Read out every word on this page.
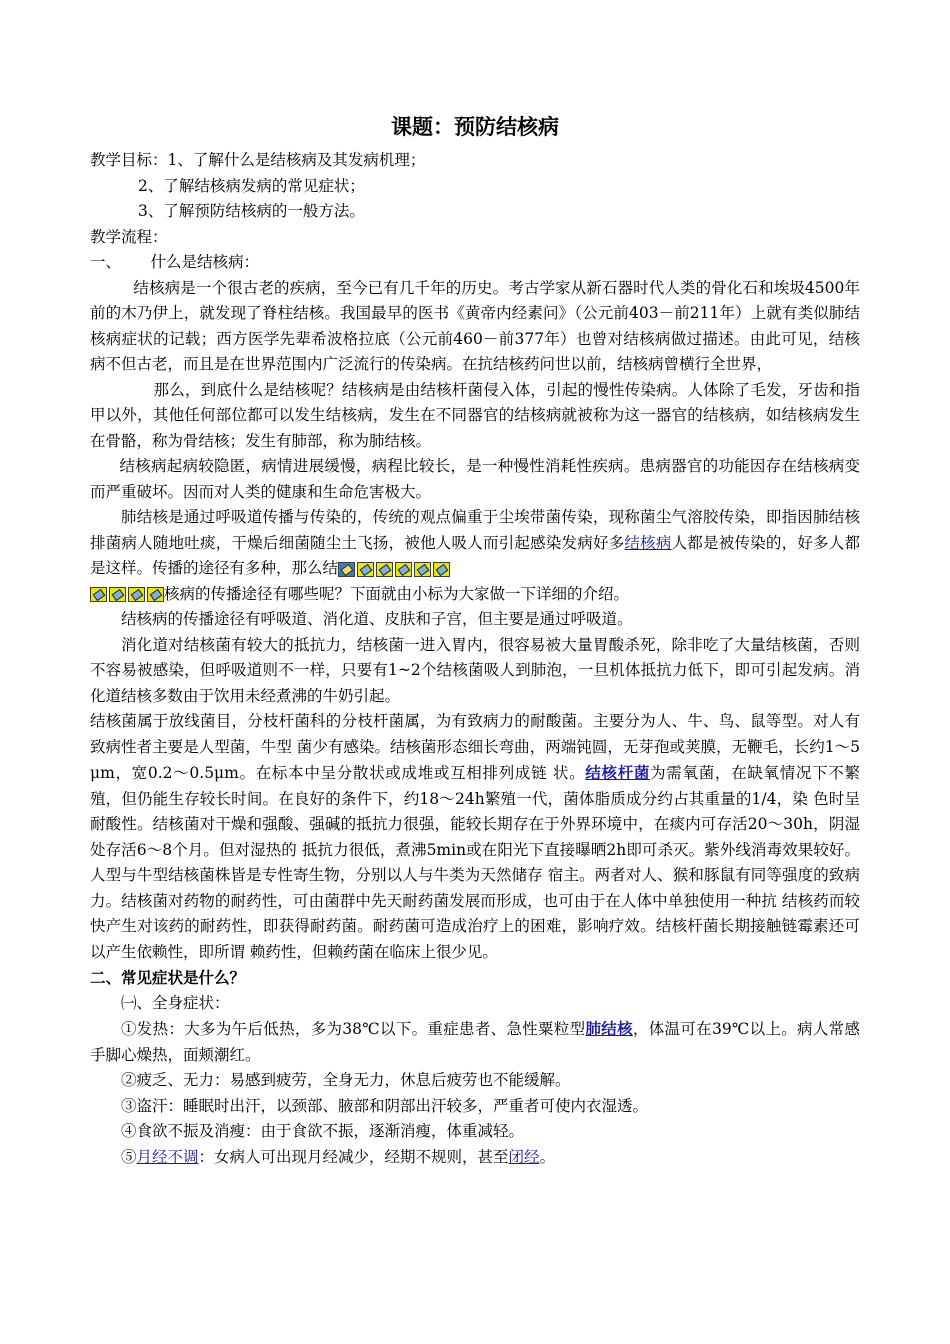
课题：预防结核病

教学目标：1、了解什么是结核病及其发病机理；

2、了解结核病发病的常见症状；

3、了解预防结核病的一般方法。

教学流程：

一、      什么是结核病：

结核病是一个很古老的疾病，至今已有几千年的历史。考古学家从新石器时代人类的骨化石和埃圾4500年前的木乃伊上，就发现了脊柱结核。我国最早的医书《黄帝内经素问》（公元前403－前211年）上就有类似肺结核病症状的记载；西方医学先辈希波格拉底（公元前460－前377年）也曾对结核病做过描述。由此可见，结核病不但古老，而且是在世界范围内广泛流行的传染病。在抗结核药问世以前，结核病曾横行全世界，

那么，到底什么是结核呢？结核病是由结核杆菌侵入体，引起的慢性传染病。人体除了毛发，牙齿和指甲以外，其他任何部位都可以发生结核病，发生在不同器官的结核病就被称为这一器官的结核病，如结核病发生在骨骼，称为骨结核；发生有肺部，称为肺结核。

结核病起病较隐匿，病情进展缓慢，病程比较长，是一种慢性消耗性疾病。患病器官的功能因存在结核病变而严重破坏。因而对人类的健康和生命危害极大。

肺结核是通过呼吸道传播与传染的，传统的观点偏重于尘埃带菌传染，现称菌尘气溶胶传染，即指因肺结核排菌病人随地吐痰，干燥后细菌随尘土飞扬，被他人吸人而引起感染发病好多结核病人都是被传染的，好多人都是这样。传播的途径有多种，那么结

核病的传播途径有哪些呢？下面就由小标为大家做一下详细的介绍。

结核病的传播途径有呼吸道、消化道、皮肤和子宫，但主要是通过呼吸道。

消化道对结核菌有较大的抵抗力，结核菌一进入胃内，很容易被大量胃酸杀死，除非吃了大量结核菌，否则不容易被感染，但呼吸道则不一样，只要有1~2个结核菌吸人到肺泡，一旦机体抵抗力低下，即可引起发病。消化道结核多数由于饮用未经煮沸的牛奶引起。

结核菌属于放线菌目，分枝杆菌科的分枝杆菌属，为有致病力的耐酸菌。主要分为人、牛、鸟、鼠等型。对人有致病性者主要是人型菌，牛型 菌少有感染。结核菌形态细长弯曲，两端钝圆，无芽孢或荚膜，无鞭毛，长约1～5μm，宽0.2～0.5μm。在标本中呈分散状或成堆或互相排列成链 状。结核杆菌为需氧菌，在缺氧情况下不繁殖，但仍能生存较长时间。在良好的条件下，约18～24h繁殖一代，菌体脂质成分约占其重量的1/4，染 色时呈耐酸性。结核菌对干燥和强酸、强碱的抵抗力很强，能较长期存在于外界环境中，在痰内可存活20～30h，阴湿处存活6～8个月。但对湿热的 抵抗力很低，煮沸5min或在阳光下直接曝晒2h即可杀灭。紫外线消毒效果较好。人型与牛型结核菌株皆是专性寄生物，分别以人与牛类为天然储存 宿主。两者对人、猴和豚鼠有同等强度的致病力。结核菌对药物的耐药性，可由菌群中先天耐药菌发展而形成，也可由于在人体中单独使用一种抗 结核药而较快产生对该药的耐药性，即获得耐药菌。耐药菌可造成治疗上的困难，影响疗效。结核杆菌长期接触链霉素还可以产生依赖性，即所谓 赖药性，但赖药菌在临床上很少见。

二、常见症状是什么？

㈠、全身症状：

①发热：大多为午后低热，多为38℃以下。重症患者、急性粟粒型肺结核，体温可在39℃以上。病人常感手脚心燥热，面颊潮红。

②疲乏、无力：易感到疲劳，全身无力，休息后疲劳也不能缓解。

③盗汗：睡眠时出汗，以颈部、腋部和阴部出汗较多，严重者可使内衣湿透。

④食欲不振及消瘦：由于食欲不振，逐渐消瘦，体重减轻。

⑤月经不调：女病人可出现月经减少，经期不规则，甚至闭经。
